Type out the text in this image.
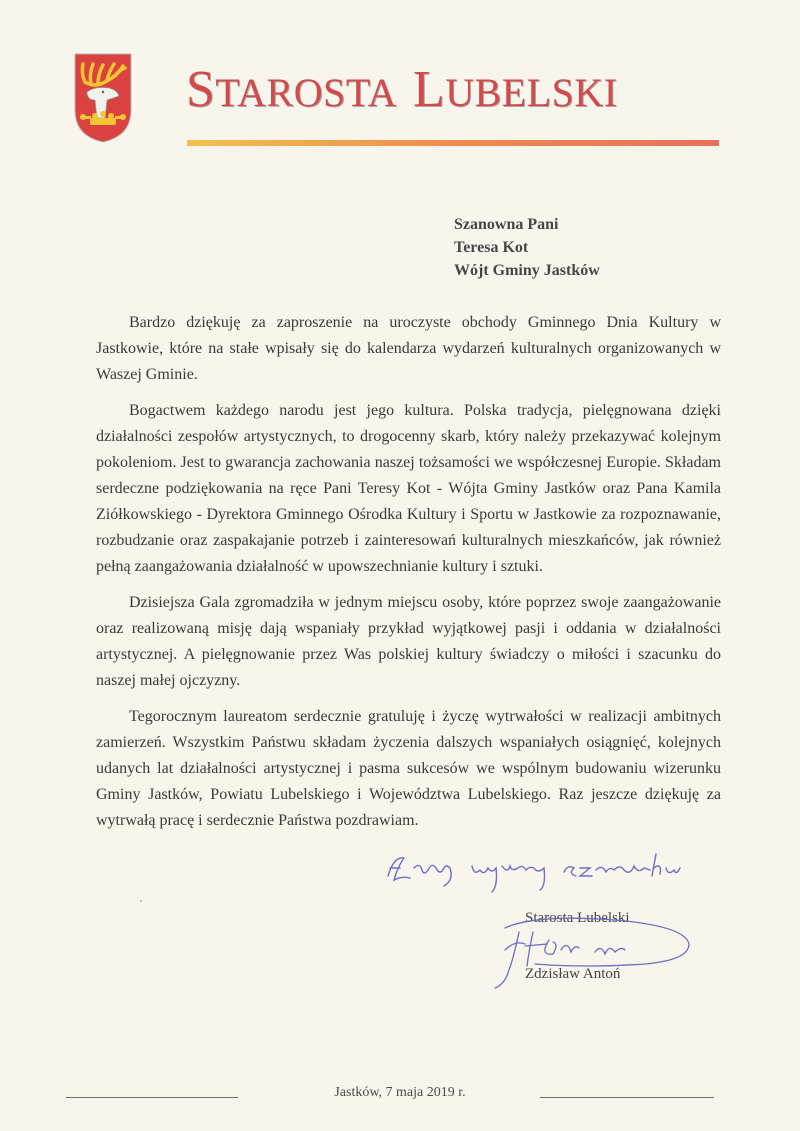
STAROSTA LUBELSKI
Szanowna Pani
Teresa Kot
Wójt Gminy Jastków

Bardzo dziękuję za zaproszenie na uroczyste obchody Gminnego Dnia Kultury w Jastkowie, które na stałe wpisały się do kalendarza wydarzeń kulturalnych organizowanych w Waszej Gminie.

Bogactwem każdego narodu jest jego kultura. Polska tradycja, pielęgnowana dzięki działalności zespołów artystycznych, to drogocenny skarb, który należy przekazywać kolejnym pokoleniom. Jest to gwarancja zachowania naszej tożsamości we współczesnej Europie. Składam serdeczne podziękowania na ręce Pani Teresy Kot - Wójta Gminy Jastków oraz Pana Kamila Ziółkowskiego - Dyrektora Gminnego Ośrodka Kultury i Sportu w Jastkowie za rozpoznawanie, rozbudzanie oraz zaspakajanie potrzeb i zainteresowań kulturalnych mieszkańców, jak również pełną zaangażowania działalność w upowszechnianie kultury i sztuki.

Dzisiejsza Gala zgromadziła w jednym miejscu osoby, które poprzez swoje zaangażowanie oraz realizowaną misję dają wspaniały przykład wyjątkowej pasji i oddania w działalności artystycznej. A pielęgnowanie przez Was polskiej kultury świadczy o miłości i szacunku do naszej małej ojczyzny.

Tegorocznym laureatom serdecznie gratuluję i życzę wytrwałości w realizacji ambitnych zamierzeń. Wszystkim Państwu składam życzenia dalszych wspaniałych osiągnięć, kolejnych udanych lat działalności artystycznej i pasma sukcesów we wspólnym budowaniu wizerunku Gminy Jastków, Powiatu Lubelskiego i Województwa Lubelskiego. Raz jeszcze dziękuję za wytrwałą pracę i serdecznie Państwa pozdrawiam.

Starosta Lubelski
Zdzisław Antoń
Jastków, 7 maja 2019 r.
